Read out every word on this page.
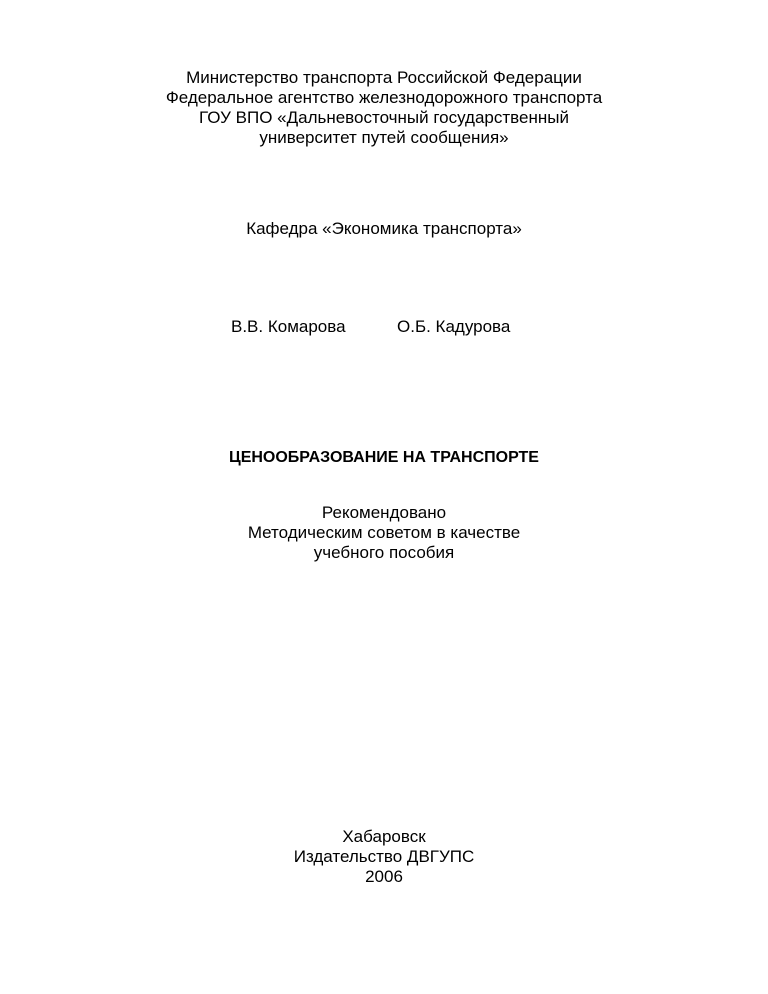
Министерство транспорта Российской Федерации
Федеральное агентство железнодорожного транспорта
ГОУ ВПО «Дальневосточный государственный
университет путей сообщения»
Кафедра «Экономика транспорта»
В.В. Комарова	О.Б. Кадурова
ЦЕНООБРАЗОВАНИЕ НА ТРАНСПОРТЕ
Рекомендовано
Методическим советом в качестве
учебного пособия
Хабаровск
Издательство ДВГУПС
2006
